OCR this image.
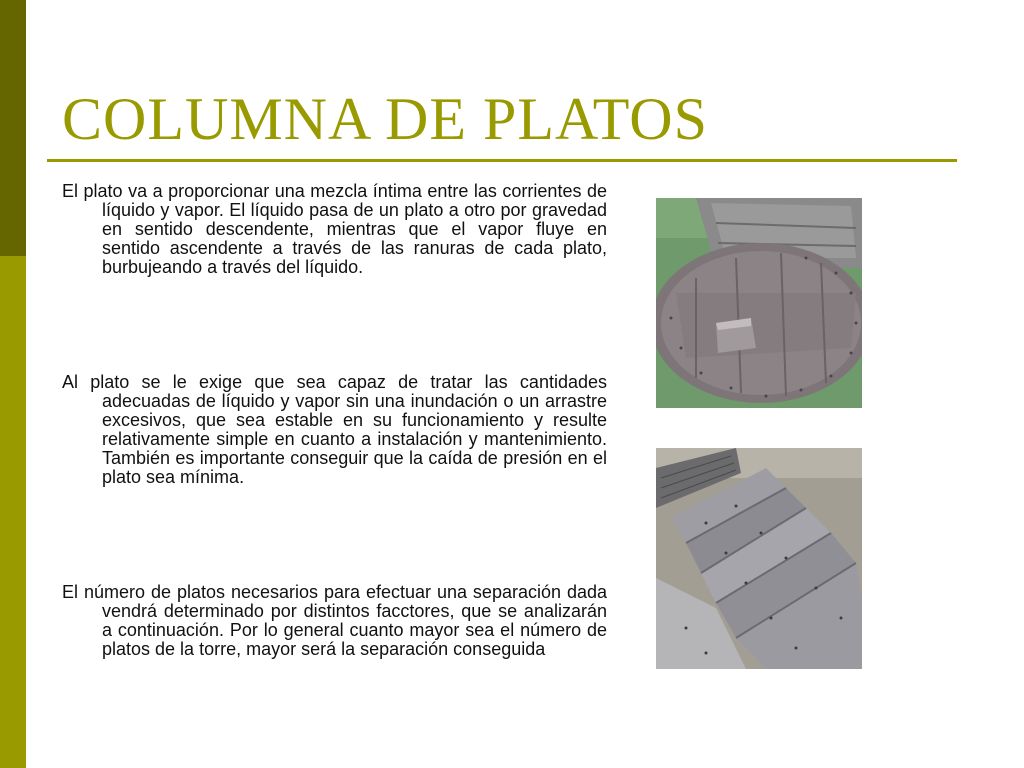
COLUMNA DE PLATOS

El plato va a proporcionar una mezcla íntima entre las corrientes de líquido y vapor. El líquido pasa de un plato a otro por gravedad en sentido descendente, mientras que el vapor fluye en sentido ascendente a través de las ranuras de cada plato, burbujeando a través del líquido.

Al plato se le exige que sea capaz de tratar las cantidades adecuadas de líquido y vapor sin una inundación o un arrastre excesivos, que sea estable en su funcionamiento y resulte relativamente simple en cuanto a instalación y mantenimiento. También es importante conseguir que la caída de presión en el plato sea mínima.

El número de platos necesarios para efectuar una separación dada vendrá determinado por distintos facctores, que se analizarán a continuación. Por lo general cuanto mayor sea el número de platos de la torre, mayor será la separación conseguida
